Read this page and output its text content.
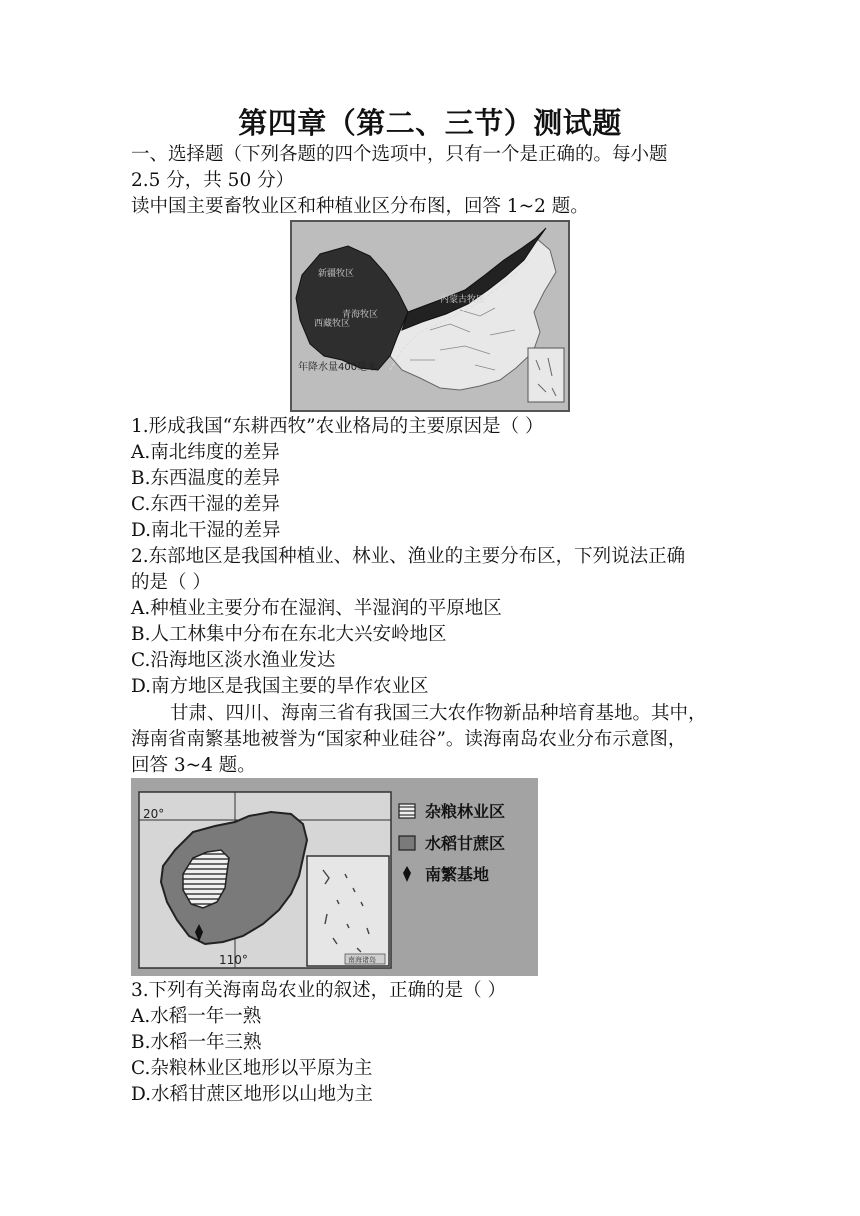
第四章（第二、三节）测试题
一、选择题（下列各题的四个选项中，只有一个是正确的。每小题
2.5 分，共 50 分）
读中国主要畜牧业区和种植业区分布图，回答 1~2 题。
新疆牧区
青海牧区
西藏牧区
内蒙古牧区
年降水量400毫米
1.形成我国“东耕西牧”农业格局的主要原因是（ ）
A.南北纬度的差异
B.东西温度的差异
C.东西干湿的差异
D.南北干湿的差异
2.东部地区是我国种植业、林业、渔业的主要分布区，下列说法正确
的是（ ）
A.种植业主要分布在湿润、半湿润的平原地区
B.人工林集中分布在东北大兴安岭地区
C.沿海地区淡水渔业发达
D.南方地区是我国主要的旱作农业区
甘肃、四川、海南三省有我国三大农作物新品种培育基地。其中，
海南省南繁基地被誉为“国家种业硅谷”。读海南岛农业分布示意图，
回答 3~4 题。
20°
110°	南海诸岛
杂粮林业区
水稻甘蔗区
南繁基地
3.下列有关海南岛农业的叙述，正确的是（ ）
A.水稻一年一熟
B.水稻一年三熟
C.杂粮林业区地形以平原为主
D.水稻甘蔗区地形以山地为主
